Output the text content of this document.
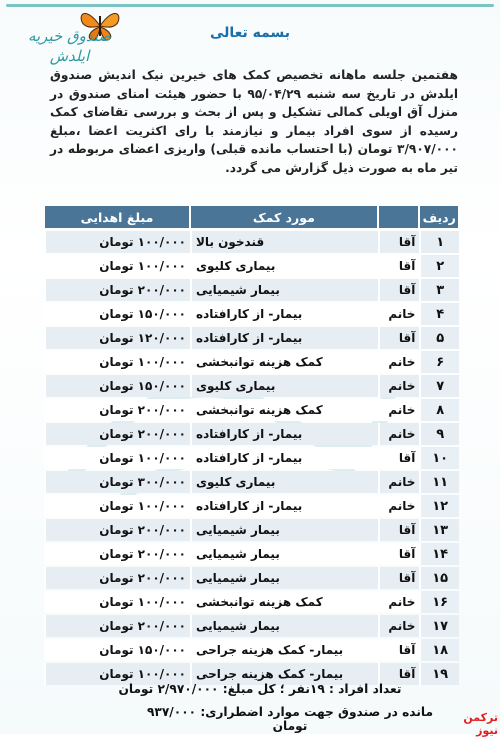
صندوق خیریه ایلدش
بسمه تعالی
هفتمین جلسه ماهانه تخصیص کمک های خیرین نیک اندیش صندوق ایلدش در تاریخ سه شنبه ۹۵/۰۴/۲۹ با حضور هیئت امنای صندوق در منزل آق اویلی کمالی تشکیل و پس از بحث و بررسی تقاضای کمک رسیده از سوی افراد بیمار و نیازمند با رای اکثریت اعضا ،مبلغ ۳/۹۰۷/۰۰۰ تومان (با احتساب مانده قبلی) واریزی اعضای مربوطه در تیر ماه به صورت ذیل گزارش می گردد.
ردیف		مورد کمک	مبلغ اهدایی
۱	آقا	قندخون بالا	۱۰۰/۰۰۰ تومان
۲	آقا	بیماری کلیوی	۱۰۰/۰۰۰ تومان
۳	آقا	بیمار شیمیایی	۲۰۰/۰۰۰ تومان
۴	خانم	بیمار- از کارافتاده	۱۵۰/۰۰۰ تومان
۵	آقا	بیمار- از کارافتاده	۱۲۰/۰۰۰ تومان
۶	خانم	کمک هزینه توانبخشی	۱۰۰/۰۰۰ تومان
۷	خانم	بیماری کلیوی	۱۵۰/۰۰۰ تومان
۸	خانم	کمک هزینه توانبخشی	۲۰۰/۰۰۰ تومان
۹	خانم	بیمار- از کارافتاده	۲۰۰/۰۰۰ تومان
۱۰	آقا	بیمار- از کارافتاده	۱۰۰/۰۰۰ تومان
۱۱	خانم	بیماری کلیوی	۳۰۰/۰۰۰ تومان
۱۲	خانم	بیمار- از کارافتاده	۱۰۰/۰۰۰ تومان
۱۳	آقا	بیمار شیمیایی	۲۰۰/۰۰۰ تومان
۱۴	آقا	بیمار شیمیایی	۲۰۰/۰۰۰ تومان
۱۵	آقا	بیمار شیمیایی	۲۰۰/۰۰۰ تومان
۱۶	خانم	کمک هزینه توانبخشی	۱۰۰/۰۰۰ تومان
۱۷	خانم	بیمار شیمیایی	۲۰۰/۰۰۰ تومان
۱۸	آقا	بیمار- کمک هزینه جراحی	۱۵۰/۰۰۰ تومان
۱۹	آقا	بیمار- کمک هزینه جراحی	۱۰۰/۰۰۰ تومان
تعداد افراد : ۱۹نفر ؛ کل مبلغ: ۲/۹۷۰/۰۰۰ تومان
مانده در صندوق جهت موارد اضطراری: ۹۳۷/۰۰۰ تومان
ترکمن نیوز
